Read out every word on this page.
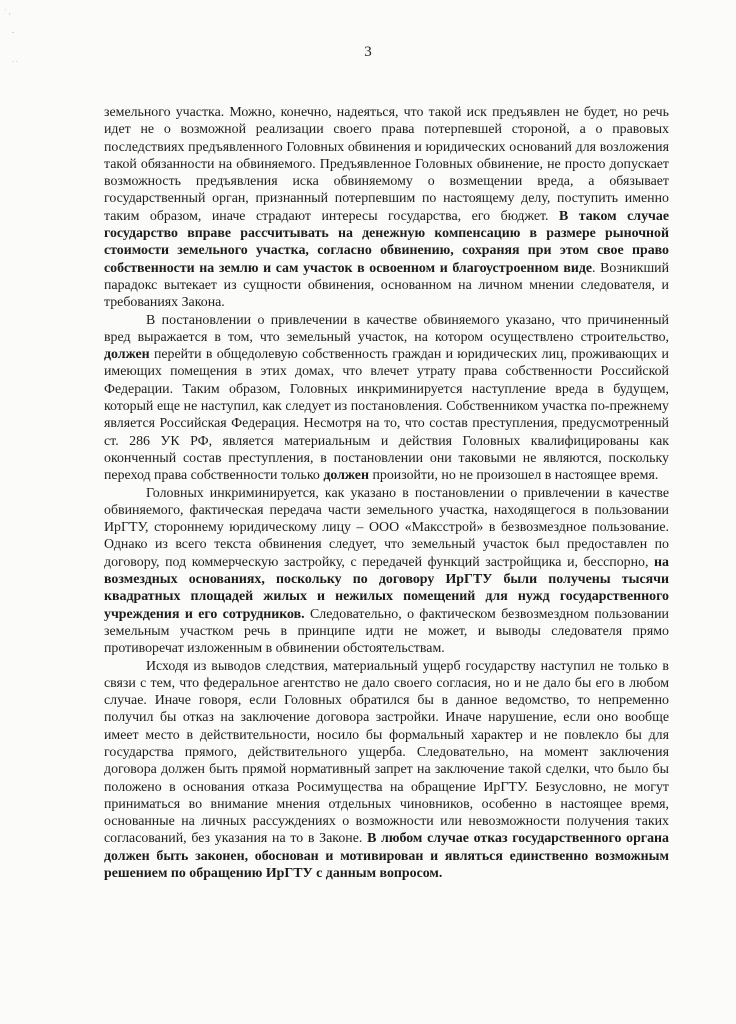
˙ ,
-
· ·
3

земельного участка. Можно, конечно, надеяться, что такой иск предъявлен не будет, но речь идет не о возможной реализации своего права потерпевшей стороной, а о правовых последствиях предъявленного Головных обвинения и юридических оснований для возложения такой обязанности на обвиняемого. Предъявленное Головных обвинение, не просто допускает возможность предъявления иска обвиняемому о возмещении вреда, а обязывает государственный орган, признанный потерпевшим по настоящему делу, поступить именно таким образом, иначе страдают интересы государства, его бюджет. В таком случае государство вправе рассчитывать на денежную компенсацию в размере рыночной стоимости земельного участка, согласно обвинению, сохраняя при этом свое право собственности на землю и сам участок в освоенном и благоустроенном виде. Возникший парадокс вытекает из сущности обвинения, основанном на личном мнении следователя, и требованиях Закона.

В постановлении о привлечении в качестве обвиняемого указано, что причиненный вред выражается в том, что земельный участок, на котором осуществлено строительство, должен перейти в общедолевую собственность граждан и юридических лиц, проживающих и имеющих помещения в этих домах, что влечет утрату права собственности Российской Федерации. Таким образом, Головных инкриминируется наступление вреда в будущем, который еще не наступил, как следует из постановления. Собственником участка по-прежнему является Российская Федерация. Несмотря на то, что состав преступления, предусмотренный ст. 286 УК РФ, является материальным и действия Головных квалифицированы как оконченный состав преступления, в постановлении они таковыми не являются, поскольку переход права собственности только должен произойти, но не произошел в настоящее время.

Головных инкриминируется, как указано в постановлении о привлечении в качестве обвиняемого, фактическая передача части земельного участка, находящегося в пользовании ИрГТУ, стороннему юридическому лицу – ООО «Максстрой» в безвозмездное пользование. Однако из всего текста обвинения следует, что земельный участок был предоставлен по договору, под коммерческую застройку, с передачей функций застройщика и, бесспорно, на возмездных основаниях, поскольку по договору ИрГТУ были получены тысячи квадратных площадей жилых и нежилых помещений для нужд государственного учреждения и его сотрудников. Следовательно, о фактическом безвозмездном пользовании земельным участком речь в принципе идти не может, и выводы следователя прямо противоречат изложенным в обвинении обстоятельствам.

Исходя из выводов следствия, материальный ущерб государству наступил не только в связи с тем, что федеральное агентство не дало своего согласия, но и не дало бы его в любом случае. Иначе говоря, если Головных обратился бы в данное ведомство, то непременно получил бы отказ на заключение договора застройки. Иначе нарушение, если оно вообще имеет место в действительности, носило бы формальный характер и не повлекло бы для государства прямого, действительного ущерба. Следовательно, на момент заключения договора должен быть прямой нормативный запрет на заключение такой сделки, что было бы положено в основания отказа Росимущества на обращение ИрГТУ. Безусловно, не могут приниматься во внимание мнения отдельных чиновников, особенно в настоящее время, основанные на личных рассуждениях о возможности или невозможности получения таких согласований, без указания на то в Законе. В любом случае отказ государственного органа должен быть законен, обоснован и мотивирован и являться единственно возможным решением по обращению ИрГТУ с данным вопросом.
